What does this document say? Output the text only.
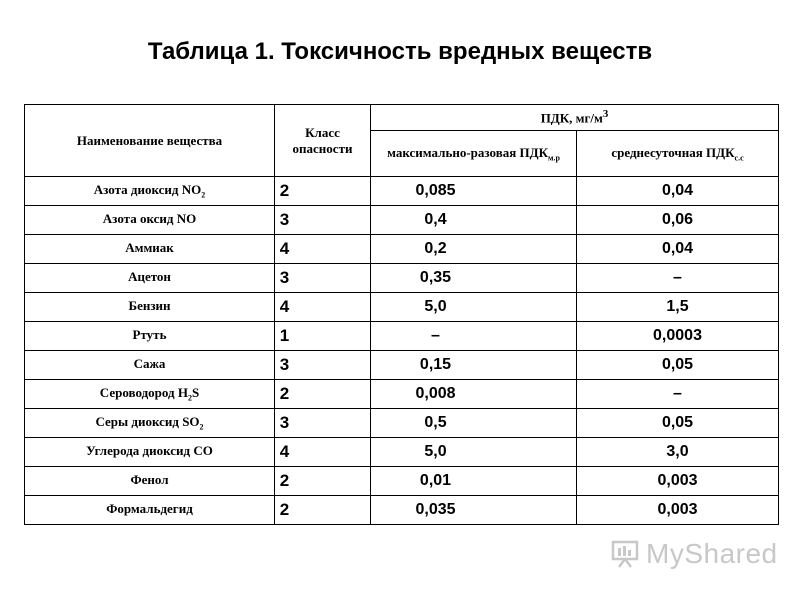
Таблица 1. Токсичность вредных веществ
Наименование вещества	Класс опасности	ПДК, $мг/м^3$
		максимально-разовая $ПДК_{м.р}$	среднесуточная $ПДК_{с.с}$
Азота диоксид $NO_2$	2	0,085	0,04
Азота оксид NO	3	0,4	0,06
Аммиак	4	0,2	0,04
Ацетон	3	0,35	–
Бензин	4	5,0	1,5
Ртуть	1	–	0,0003
Сажа	3	0,15	0,05
Сероводород $H_2S$	2	0,008	–
Серы диоксид $SO_2$	3	0,5	0,05
Углерода диоксид CO	4	5,0	3,0
Фенол	2	0,01	0,003
Формальдегид	2	0,035	0,003
MyShared
